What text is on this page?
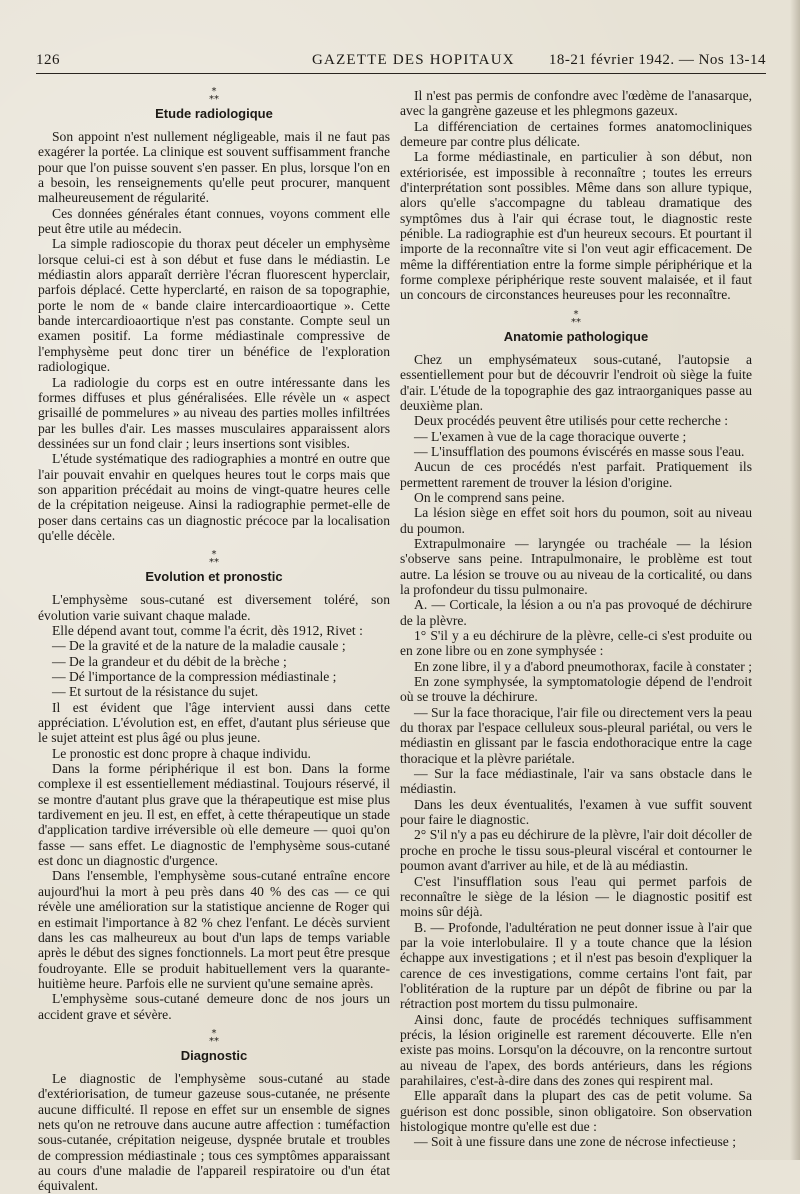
126	GAZETTE DES HOPITAUX 18-21 février 1942. — Nos 13-14
*
**
Etude radiologique

Son appoint n'est nullement négligeable, mais il ne faut pas exagérer la portée. La clinique est souvent suffisamment franche pour que l'on puisse souvent s'en passer. En plus, lorsque l'on en a besoin, les renseignements qu'elle peut procurer, manquent malheureusement de régularité.

Ces données générales étant connues, voyons comment elle peut être utile au médecin.

La simple radioscopie du thorax peut déceler un emphysème lorsque celui-ci est à son début et fuse dans le médiastin. Le médiastin alors apparaît derrière l'écran fluorescent hyperclair, parfois déplacé. Cette hyperclarté, en raison de sa topographie, porte le nom de « bande claire intercardioaortique ». Cette bande intercardioaortique n'est pas constante. Compte seul un examen positif. La forme médiastinale compressive de l'emphysème peut donc tirer un bénéfice de l'exploration radiologique.

La radiologie du corps est en outre intéressante dans les formes diffuses et plus généralisées. Elle révèle un « aspect grisaillé de pommelures » au niveau des parties molles infiltrées par les bulles d'air. Les masses musculaires apparaissent alors dessinées sur un fond clair ; leurs insertions sont visibles.

L'étude systématique des radiographies a montré en outre que l'air pouvait envahir en quelques heures tout le corps mais que son apparition précédait au moins de vingt-quatre heures celle de la crépitation neigeuse. Ainsi la radiographie permet-elle de poser dans certains cas un diagnostic précoce par la localisation qu'elle décèle.

*
**
Evolution et pronostic

L'emphysème sous-cutané est diversement toléré, son évolution varie suivant chaque malade.

Elle dépend avant tout, comme l'a écrit, dès 1912, Rivet :

— De la gravité et de la nature de la maladie causale ;

— De la grandeur et du débit de la brèche ;

— Dé l'importance de la compression médiastinale ;

— Et surtout de la résistance du sujet.

Il est évident que l'âge intervient aussi dans cette appréciation. L'évolution est, en effet, d'autant plus sérieuse que le sujet atteint est plus âgé ou plus jeune.

Le pronostic est donc propre à chaque individu.

Dans la forme périphérique il est bon. Dans la forme complexe il est essentiellement médiastinal. Toujours réservé, il se montre d'autant plus grave que la thérapeutique est mise plus tardivement en jeu. Il est, en effet, à cette thérapeutique un stade d'application tardive irréversible où elle demeure — quoi qu'on fasse — sans effet. Le diagnostic de l'emphysème sous-cutané est donc un diagnostic d'urgence.

Dans l'ensemble, l'emphysème sous-cutané entraîne encore aujourd'hui la mort à peu près dans 40 % des cas — ce qui révèle une amélioration sur la statistique ancienne de Roger qui en estimait l'importance à 82 % chez l'enfant. Le décès survient dans les cas malheureux au bout d'un laps de temps variable après le début des signes fonctionnels. La mort peut être presque foudroyante. Elle se produit habituellement vers la quarante-huitième heure. Parfois elle ne survient qu'une semaine après.

L'emphysème sous-cutané demeure donc de nos jours un accident grave et sévère.

*
**
Diagnostic

Le diagnostic de l'emphysème sous-cutané au stade d'extériorisation, de tumeur gazeuse sous-cutanée, ne présente aucune difficulté. Il repose en effet sur un ensemble de signes nets qu'on ne retrouve dans aucune autre affection : tuméfaction sous-cutanée, crépitation neigeuse, dyspnée brutale et troubles de compression médiastinale ; tous ces symptômes apparaissant au cours d'une maladie de l'appareil respiratoire ou d'un état équivalent.

Il n'est pas permis de confondre avec l'œdème de l'anasarque, avec la gangrène gazeuse et les phlegmons gazeux.

La différenciation de certaines formes anatomocliniques demeure par contre plus délicate.

La forme médiastinale, en particulier à son début, non extériorisée, est impossible à reconnaître ; toutes les erreurs d'interprétation sont possibles. Même dans son allure typique, alors qu'elle s'accompagne du tableau dramatique des symptômes dus à l'air qui écrase tout, le diagnostic reste pénible. La radiographie est d'un heureux secours. Et pourtant il importe de la reconnaître vite si l'on veut agir efficacement. De même la différentiation entre la forme simple périphérique et la forme complexe périphérique reste souvent malaisée, et il faut un concours de circonstances heureuses pour les reconnaître.

*
**
Anatomie pathologique

Chez un emphysémateux sous-cutané, l'autopsie a essentiellement pour but de découvrir l'endroit où siège la fuite d'air. L'étude de la topographie des gaz intraorganiques passe au deuxième plan.

Deux procédés peuvent être utilisés pour cette recherche :

— L'examen à vue de la cage thoracique ouverte ;

— L'insufflation des poumons éviscérés en masse sous l'eau.

Aucun de ces procédés n'est parfait. Pratiquement ils permettent rarement de trouver la lésion d'origine.

On le comprend sans peine.

La lésion siège en effet soit hors du poumon, soit au niveau du poumon.

Extrapulmonaire — laryngée ou trachéale — la lésion s'observe sans peine. Intrapulmonaire, le problème est tout autre. La lésion se trouve ou au niveau de la corticalité, ou dans la profondeur du tissu pulmonaire.

A. — Corticale, la lésion a ou n'a pas provoqué de déchirure de la plèvre.

1° S'il y a eu déchirure de la plèvre, celle-ci s'est produite ou en zone libre ou en zone symphysée :

En zone libre, il y a d'abord pneumothorax, facile à constater ;

En zone symphysée, la symptomatologie dépend de l'endroit où se trouve la déchirure.

— Sur la face thoracique, l'air file ou directement vers la peau du thorax par l'espace celluleux sous-pleural pariétal, ou vers le médiastin en glissant par le fascia endothoracique entre la cage thoracique et la plèvre pariétale.

— Sur la face médiastinale, l'air va sans obstacle dans le médiastin.

Dans les deux éventualités, l'examen à vue suffit souvent pour faire le diagnostic.

2° S'il n'y a pas eu déchirure de la plèvre, l'air doit décoller de proche en proche le tissu sous-pleural viscéral et contourner le poumon avant d'arriver au hile, et de là au médiastin.

C'est l'insufflation sous l'eau qui permet parfois de reconnaître le siège de la lésion — le diagnostic positif est moins sûr déjà.

B. — Profonde, l'adultération ne peut donner issue à l'air que par la voie interlobulaire. Il y a toute chance que la lésion échappe aux investigations ; et il n'est pas besoin d'expliquer la carence de ces investigations, comme certains l'ont fait, par l'oblitération de la rupture par un dépôt de fibrine ou par la rétraction post mortem du tissu pulmonaire.

Ainsi donc, faute de procédés techniques suffisamment précis, la lésion originelle est rarement découverte. Elle n'en existe pas moins. Lorsqu'on la découvre, on la rencontre surtout au niveau de l'apex, des bords antérieurs, dans les régions parahilaires, c'est-à-dire dans des zones qui respirent mal.

Elle apparaît dans la plupart des cas de petit volume. Sa guérison est donc possible, sinon obligatoire. Son observation histologique montre qu'elle est due :

— Soit à une fissure dans une zone de nécrose infectieuse ;
